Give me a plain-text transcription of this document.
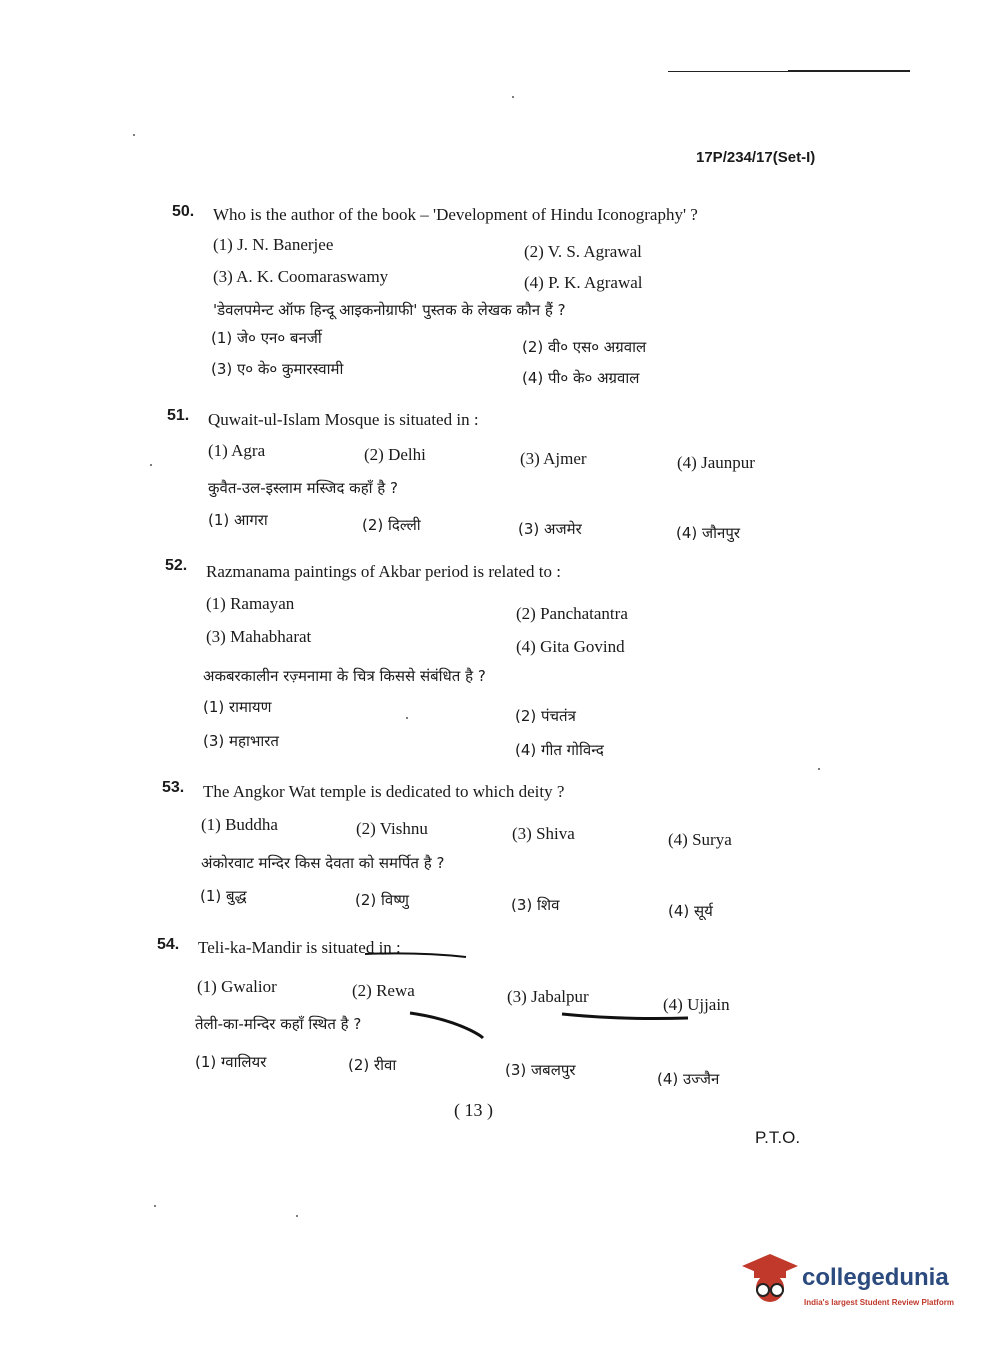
17P/234/17(Set-I)
50. Who is the author of the book – 'Development of Hindu Iconography' ?
(1) J. N. Banerjee	(2) V. S. Agrawal
(3) A. K. Coomaraswamy	(4) P. K. Agrawal
'डेवलपमेन्ट ऑफ हिन्दू आइकनोग्राफी' पुस्तक के लेखक कौन हैं ?
(1) जे० एन० बनर्जी	(2) वी० एस० अग्रवाल
(3) ए० के० कुमारस्वामी	(4) पी० के० अग्रवाल
51. Quwait-ul-Islam Mosque is situated in :
(1) Agra	(2) Delhi	(3) Ajmer	(4) Jaunpur
कुवैत-उल-इस्लाम मस्जिद कहाँ है ?
(1) आगरा	(2) दिल्ली	(3) अजमेर	(4) जौनपुर
52. Razmanama paintings of Akbar period is related to :
(1) Ramayan
(2) Panchatantra
(3) Mahabharat
(4) Gita Govind
अकबरकालीन रज़्मनामा के चित्र किससे संबंधित है ?
(1) रामायण	(2) पंचतंत्र
(3) महाभारत	(4) गीत गोविन्द
53. The Angkor Wat temple is dedicated to which deity ?
(1) Buddha	(2) Vishnu	(3) Shiva	(4) Surya
अंकोरवाट मन्दिर किस देवता को समर्पित है ?
(1) बुद्ध	(2) विष्णु	(3) शिव	(4) सूर्य
54. Teli-ka-Mandir is situated in :
(1) Gwalior	(2) Rewa	(3) Jabalpur	(4) Ujjain
तेली-का-मन्दिर कहाँ स्थित है ?
(1) ग्वालियर	(2) रीवा	(3) जबलपुर	(4) उज्जैन
( 13 )
P.T.O.
collegedunia
India's largest Student Review Platform
